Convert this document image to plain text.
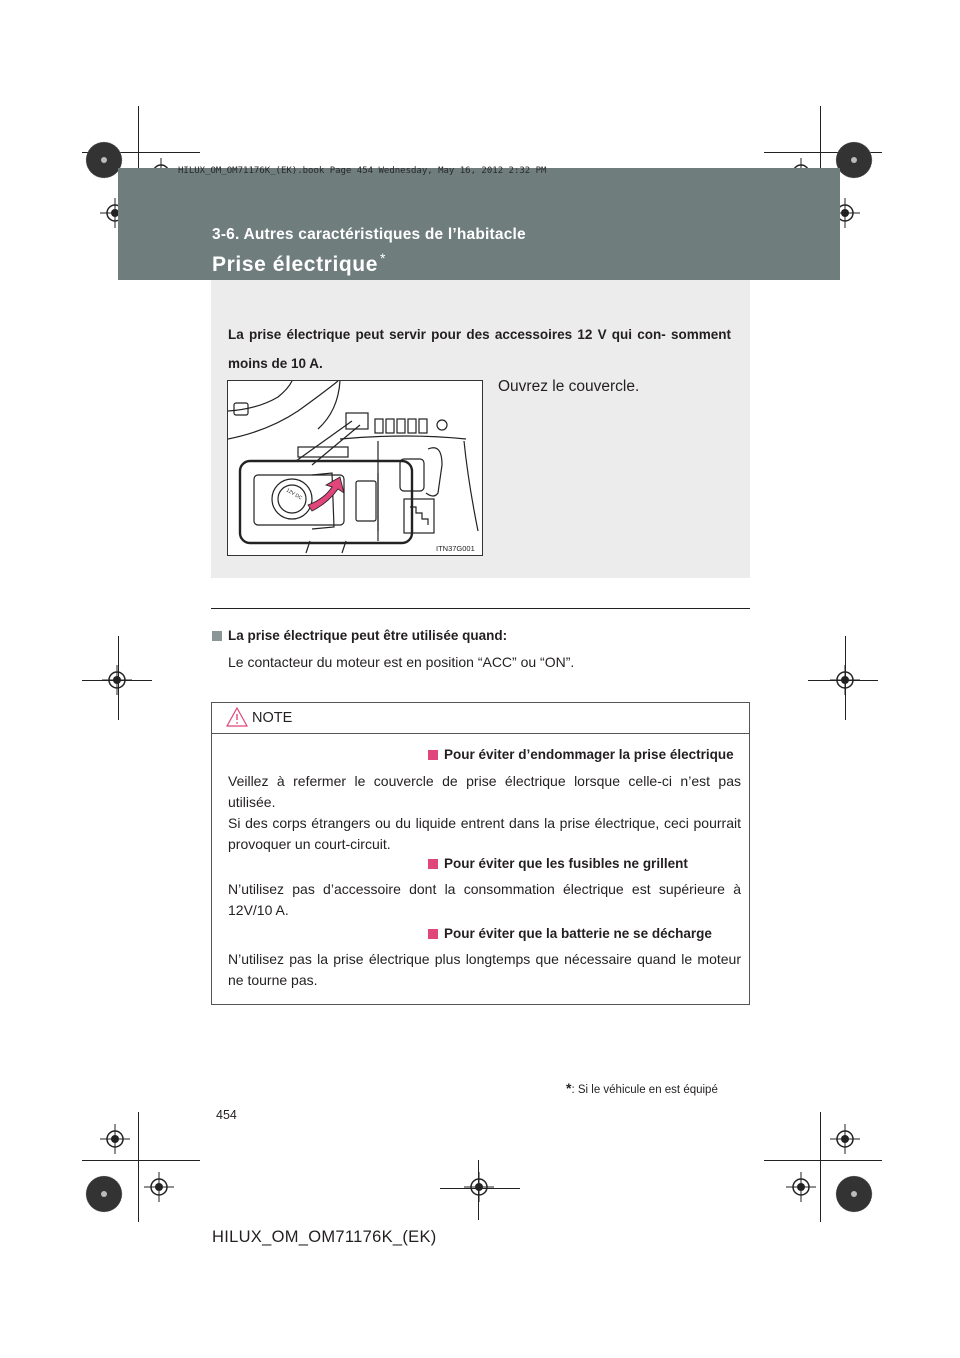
HILUX_OM_OM71176K_(EK).book Page 454 Wednesday, May 16, 2012 2:32 PM
3-6. Autres caractéristiques de l’habitacle
Prise électrique *
La prise électrique peut servir pour des accessoires 12 V qui con- somment moins de 10 A.
12V DC
ITN37G001
Ouvrez le couvercle.
La prise électrique peut être utilisée quand:
Le contacteur du moteur est en position “ACC” ou “ON”.
Pour éviter d’endommager la prise électrique
Veillez à refermer le couvercle de prise électrique lorsque celle-ci n’est pas utilisée.
Si des corps étrangers ou du liquide entrent dans la prise électrique, ceci pourrait provoquer un court-circuit.
Pour éviter que les fusibles ne grillent
N’utilisez pas d’accessoire dont la consommation électrique est supérieure à 12V/10 A.
Pour éviter que la batterie ne se décharge
N’utilisez pas la prise électrique plus longtemps que nécessaire quand le moteur ne tourne pas.
NOTE
*: Si le véhicule en est équipé
454
HILUX_OM_OM71176K_(EK)
